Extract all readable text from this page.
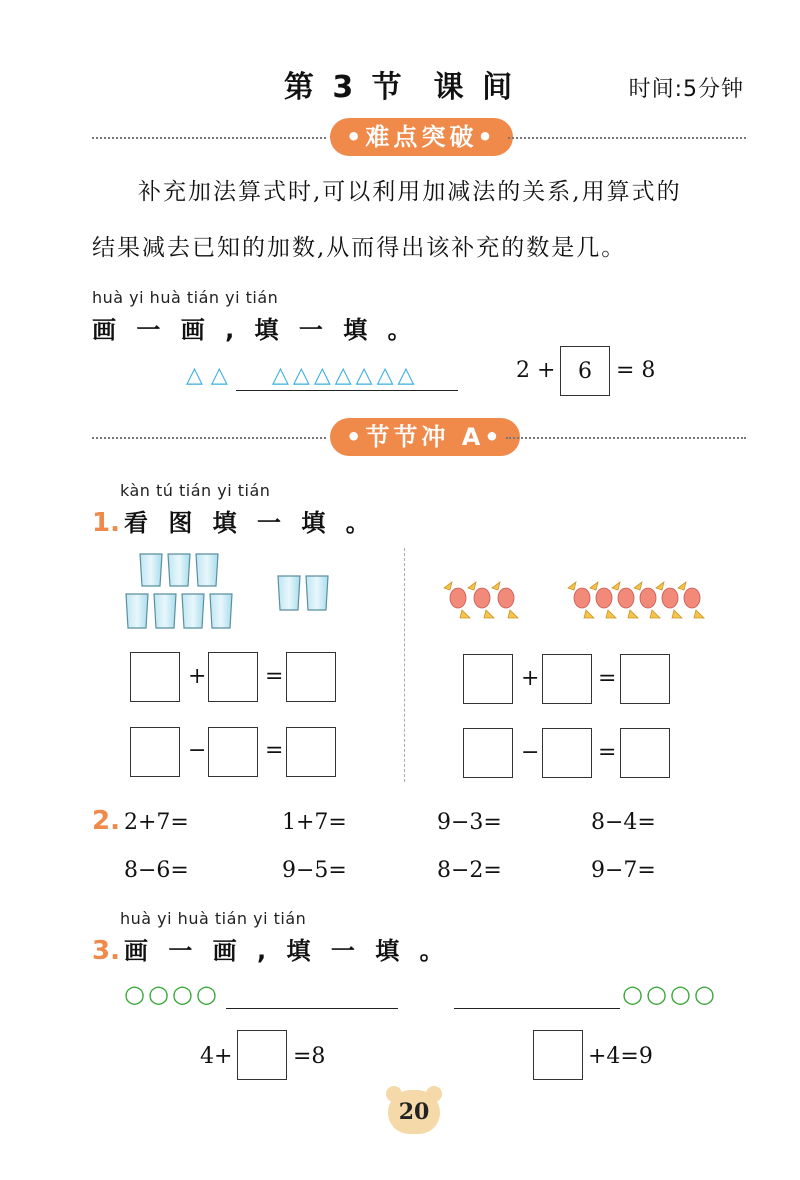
第 3 节 课 间	时间:5分钟
•难点突破•

补充加法算式时,可以利用加减法的关系,用算式的

结果减去已知的加数,从而得出该补充的数是几。
huà yi huà tián yi tián
画 一 画 , 填 一 填 。
△△ △△△△△△△	2 +	6	= 8
•节节冲 A•
kàn tú tián yi tián
1. 看 图 填 一 填 。
+	=
−	=
+	=
−	=
2. 2+7=	1+7=	9−3=	8−4=
8−6=	9−5=	8−2=	9−7=
huà yi huà tián yi tián
3. 画 一 画 , 填 一 填 。
○○○○	○○○○
4+	=8	+4=9
20
